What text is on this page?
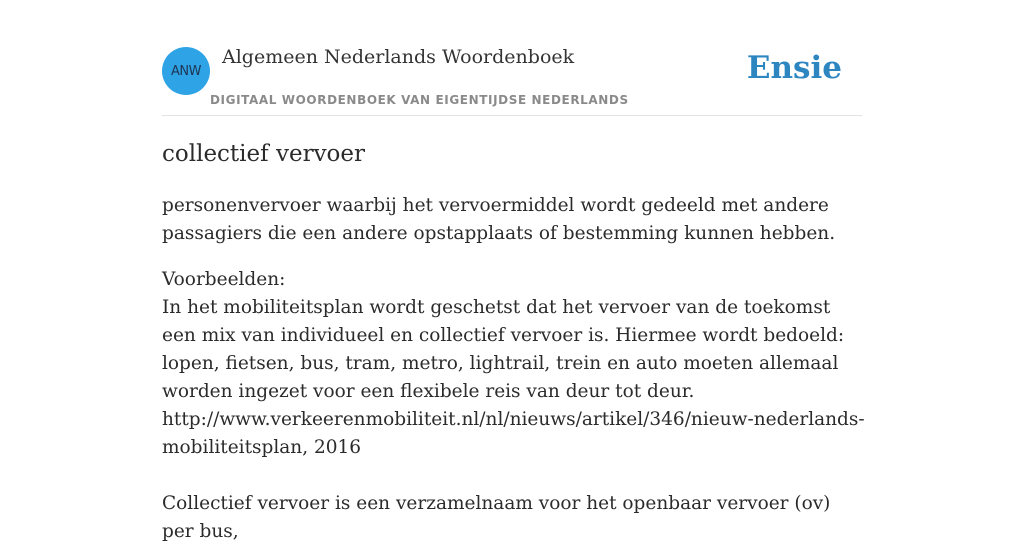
ANW
Algemeen Nederlands Woordenboek
DIGITAAL WOORDENBOEK VAN EIGENTIJDSE NEDERLANDS
Ensie
collectief vervoer

personenvervoer waarbij het vervoermiddel wordt gedeeld met andere passagiers die een andere opstapplaats of bestemming kunnen hebben.

Voorbeelden:

In het mobiliteitsplan wordt geschetst dat het vervoer van de toekomst een mix van individueel en collectief vervoer is. Hiermee wordt bedoeld: lopen, fietsen, bus, tram, metro, lightrail, trein en auto moeten allemaal worden ingezet voor een flexibele reis van deur tot deur.

http://www.verkeerenmobiliteit.nl/nl/nieuws/artikel/346/nieuw-nederlands-mobiliteitsplan, 2016

Collectief vervoer is een verzamelnaam voor het openbaar vervoer (ov) per bus,
